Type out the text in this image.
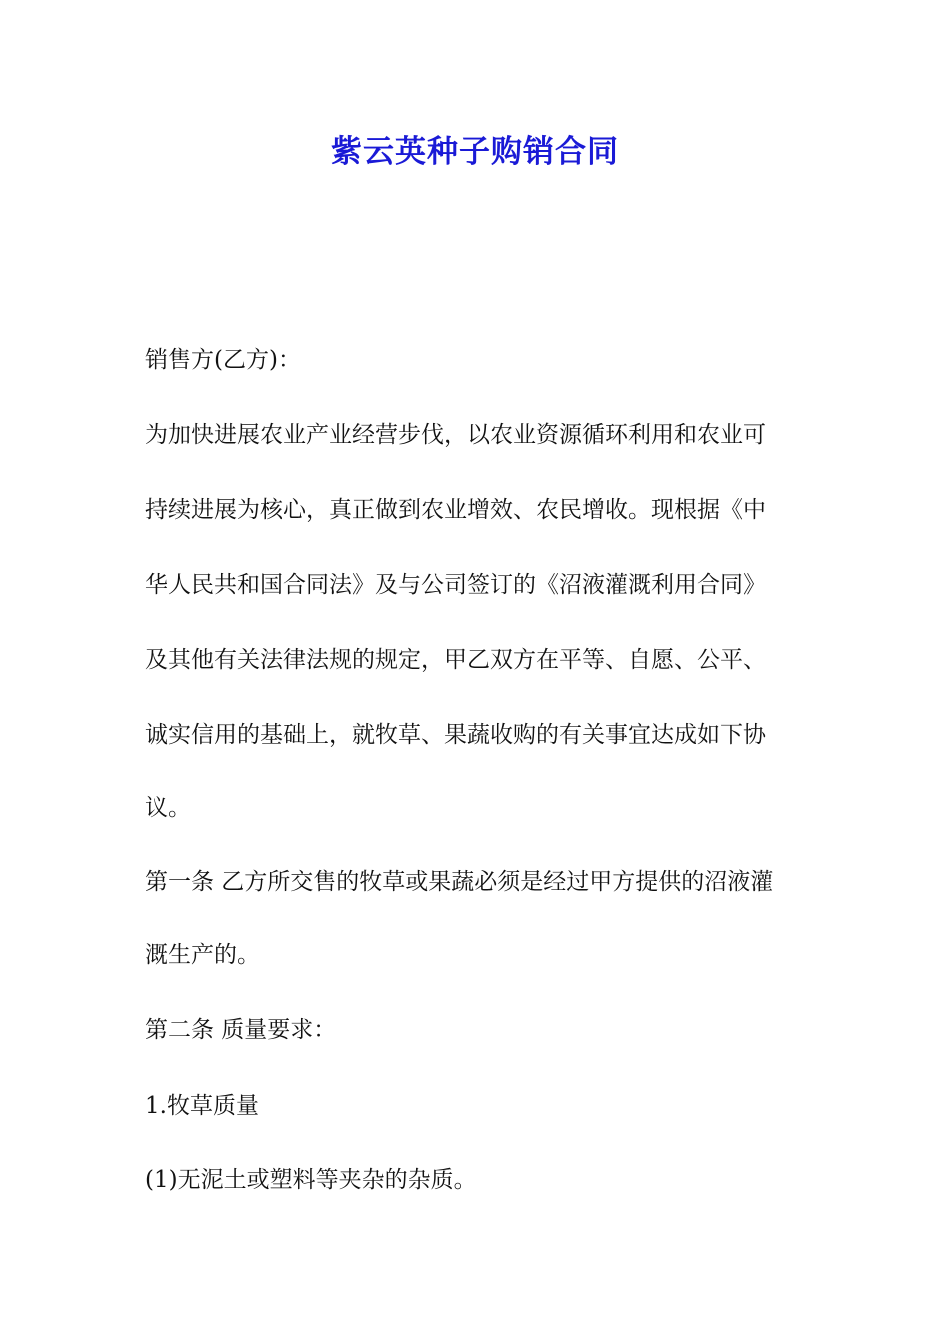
紫云英种子购销合同
销售方(乙方)：
为加快进展农业产业经营步伐，以农业资源循环利用和农业可
持续进展为核心，真正做到农业增效、农民增收。现根据《中
华人民共和国合同法》及与公司签订的《沼液灌溉利用合同》
及其他有关法律法规的规定，甲乙双方在平等、自愿、公平、
诚实信用的基础上，就牧草、果蔬收购的有关事宜达成如下协
议。
第一条 乙方所交售的牧草或果蔬必须是经过甲方提供的沼液灌
溉生产的。
第二条 质量要求：
1.牧草质量
(1)无泥土或塑料等夹杂的杂质。
